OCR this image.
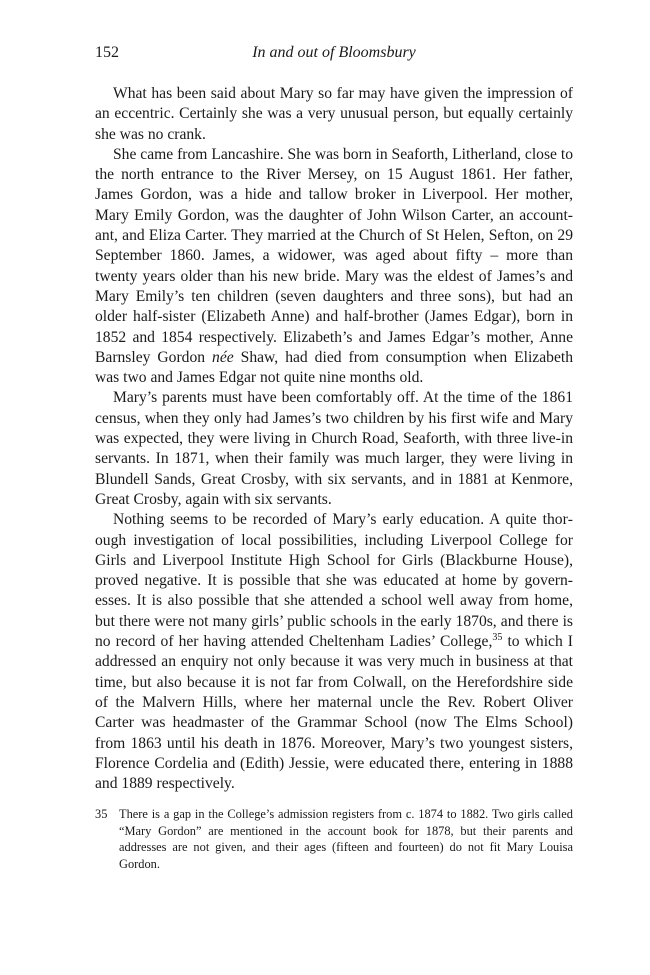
152	In and out of Bloomsbury

What has been said about Mary so far may have given the impression of an eccentric. Certainly she was a very unusual person, but equally certainly she was no crank.

She came from Lancashire. She was born in Seaforth, Litherland, close to the north entrance to the River Mersey, on 15 August 1861. Her father, James Gordon, was a hide and tallow broker in Liverpool. Her mother, Mary Emily Gordon, was the daughter of John Wilson Carter, an accountant, and Eliza Carter. They married at the Church of St Helen, Sefton, on 29 September 1860. James, a widower, was aged about fifty – more than twenty years older than his new bride. Mary was the eldest of James’s and Mary Emily’s ten children (seven daughters and three sons), but had an older half-sister (Elizabeth Anne) and half-brother (James Edgar), born in 1852 and 1854 respectively. Elizabeth’s and James Edgar’s mother, Anne Barnsley Gordon née Shaw, had died from consumption when Elizabeth was two and James Edgar not quite nine months old.

Mary’s parents must have been comfortably off. At the time of the 1861 census, when they only had James’s two children by his first wife and Mary was expected, they were living in Church Road, Seaforth, with three live-in servants. In 1871, when their family was much larger, they were living in Blundell Sands, Great Crosby, with six servants, and in 1881 at Kenmore, Great Crosby, again with six servants.

Nothing seems to be recorded of Mary’s early education. A quite thorough investigation of local possibilities, including Liverpool College for Girls and Liverpool Institute High School for Girls (Blackburne House), proved negative. It is possible that she was educated at home by governesses. It is also possible that she attended a school well away from home, but there were not many girls’ public schools in the early 1870s, and there is no record of her having attended Cheltenham Ladies’ College,$^{35}$ to which I addressed an enquiry not only because it was very much in business at that time, but also because it is not far from Colwall, on the Herefordshire side of the Malvern Hills, where her maternal uncle the Rev. Robert Oliver Carter was headmaster of the Grammar School (now The Elms School) from 1863 until his death in 1876. Moreover, Mary’s two youngest sisters, Florence Cordelia and (Edith) Jessie, were educated there, entering in 1888 and 1889 respectively.

35 There is a gap in the College’s admission registers from c. 1874 to 1882. Two girls called “Mary Gordon” are mentioned in the account book for 1878, but their parents and addresses are not given, and their ages (fifteen and fourteen) do not fit Mary Louisa Gordon.
